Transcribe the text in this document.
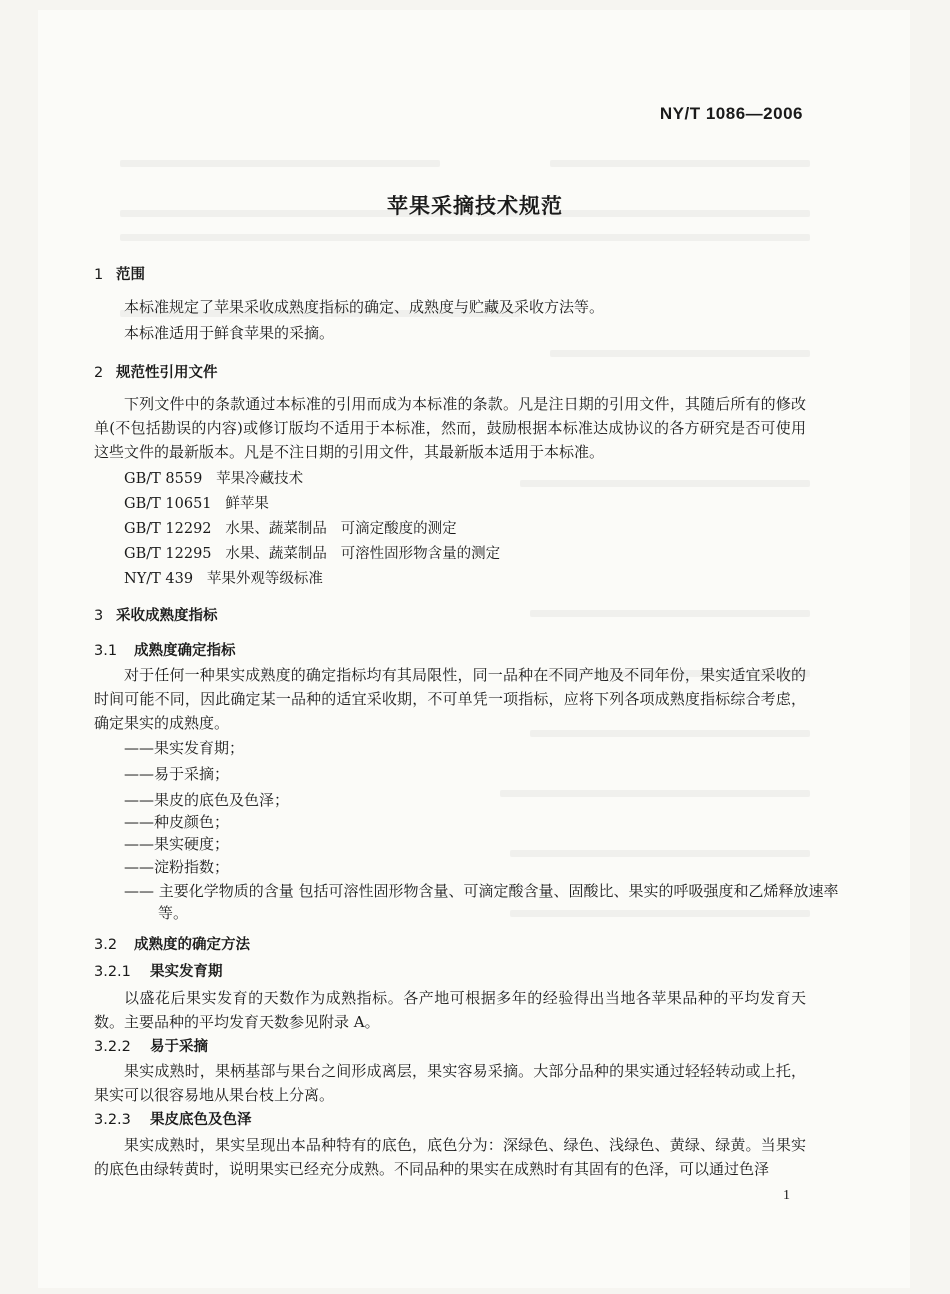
NY/T 1086—2006
苹果采摘技术规范
1 范围
本标准规定了苹果采收成熟度指标的确定、成熟度与贮藏及采收方法等。
本标准适用于鲜食苹果的采摘。
2 规范性引用文件
下列文件中的条款通过本标准的引用而成为本标准的条款。凡是注日期的引用文件，其随后所有的修改单(不包括勘误的内容)或修订版均不适用于本标准，然而，鼓励根据本标准达成协议的各方研究是否可使用这些文件的最新版本。凡是不注日期的引用文件，其最新版本适用于本标准。
GB/T 8559   苹果冷藏技术
GB/T 10651   鲜苹果
GB/T 12292   水果、蔬菜制品   可滴定酸度的测定
GB/T 12295   水果、蔬菜制品   可溶性固形物含量的测定
NY/T 439   苹果外观等级标准
3 采收成熟度指标
3.1 成熟度确定指标
对于任何一种果实成熟度的确定指标均有其局限性，同一品种在不同产地及不同年份，果实适宜采收的时间可能不同，因此确定某一品种的适宜采收期，不可单凭一项指标，应将下列各项成熟度指标综合考虑，确定果实的成熟度。
——果实发育期；
——易于采摘；
——果皮的底色及色泽；
——种皮颜色；
——果实硬度；
——淀粉指数；
—— 主要化学物质的含量 包括可溶性固形物含量、可滴定酸含量、固酸比、果实的呼吸强度和乙烯释放速率等。
3.2 成熟度的确定方法
3.2.1 果实发育期
以盛花后果实发育的天数作为成熟指标。各产地可根据多年的经验得出当地各苹果品种的平均发育天数。主要品种的平均发育天数参见附录 A。
3.2.2 易于采摘
果实成熟时，果柄基部与果台之间形成离层，果实容易采摘。大部分品种的果实通过轻轻转动或上托，果实可以很容易地从果台枝上分离。
3.2.3 果皮底色及色泽
果实成熟时，果实呈现出本品种特有的底色，底色分为：深绿色、绿色、浅绿色、黄绿、绿黄。当果实的底色由绿转黄时，说明果实已经充分成熟。不同品种的果实在成熟时有其固有的色泽，可以通过色泽
1
